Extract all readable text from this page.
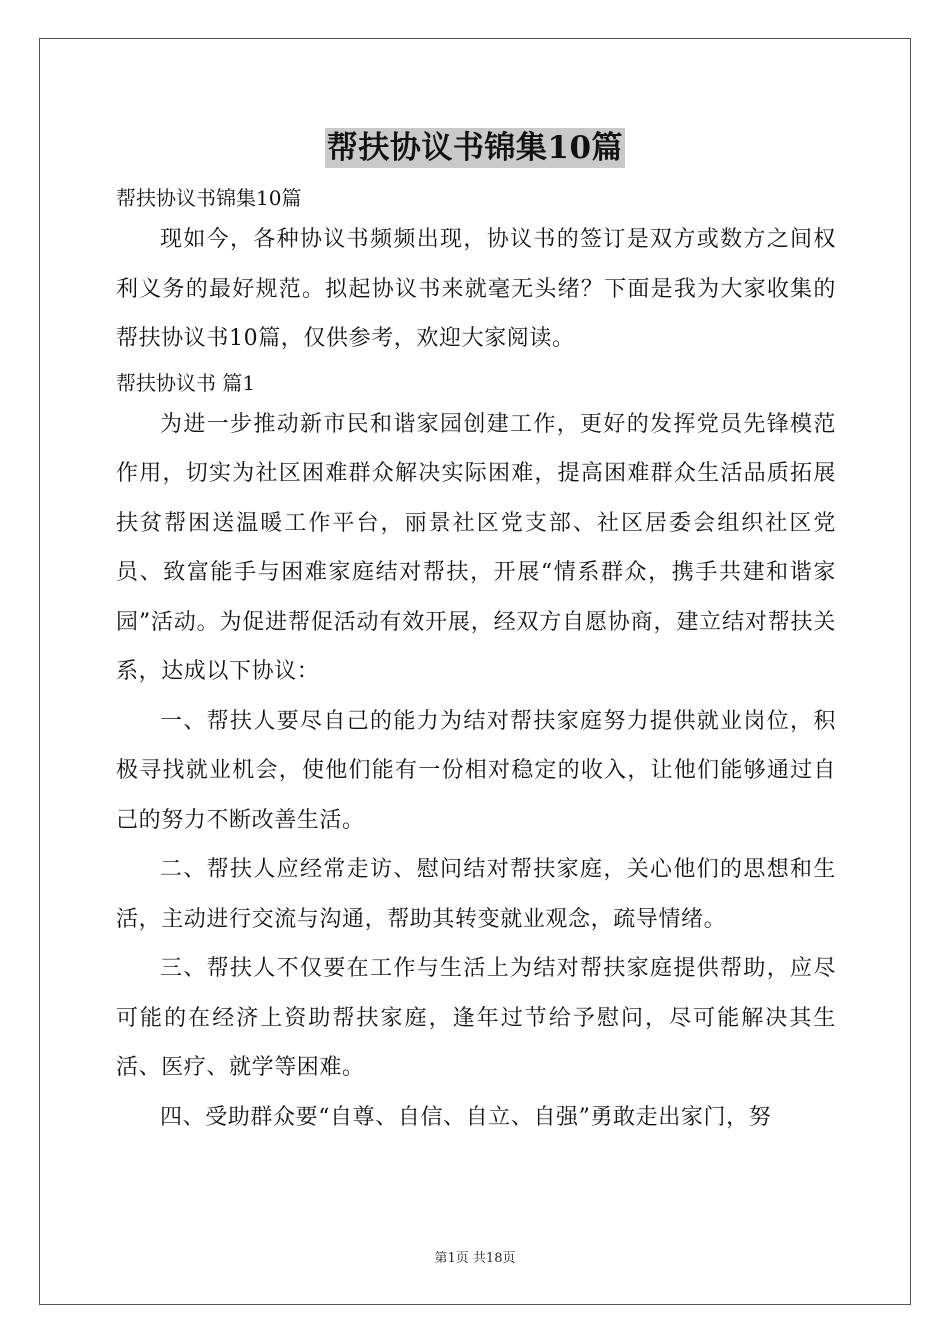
帮扶协议书锦集10篇

帮扶协议书锦集10篇

现如今，各种协议书频频出现，协议书的签订是双方或数方之间权利义务的最好规范。拟起协议书来就毫无头绪？下面是我为大家收集的帮扶协议书10篇，仅供参考，欢迎大家阅读。

帮扶协议书 篇1

为进一步推动新市民和谐家园创建工作，更好的发挥党员先锋模范作用，切实为社区困难群众解决实际困难，提高困难群众生活品质拓展扶贫帮困送温暖工作平台，丽景社区党支部、社区居委会组织社区党员、致富能手与困难家庭结对帮扶，开展“情系群众，携手共建和谐家园”活动。为促进帮促活动有效开展，经双方自愿协商，建立结对帮扶关系，达成以下协议：

一、帮扶人要尽自己的能力为结对帮扶家庭努力提供就业岗位，积极寻找就业机会，使他们能有一份相对稳定的收入，让他们能够通过自己的努力不断改善生活。

二、帮扶人应经常走访、慰问结对帮扶家庭，关心他们的思想和生活，主动进行交流与沟通，帮助其转变就业观念，疏导情绪。

三、帮扶人不仅要在工作与生活上为结对帮扶家庭提供帮助，应尽可能的在经济上资助帮扶家庭，逢年过节给予慰问，尽可能解决其生活、医疗、就学等困难。

四、受助群众要“自尊、自信、自立、自强”勇敢走出家门，努

第1页 共18页
